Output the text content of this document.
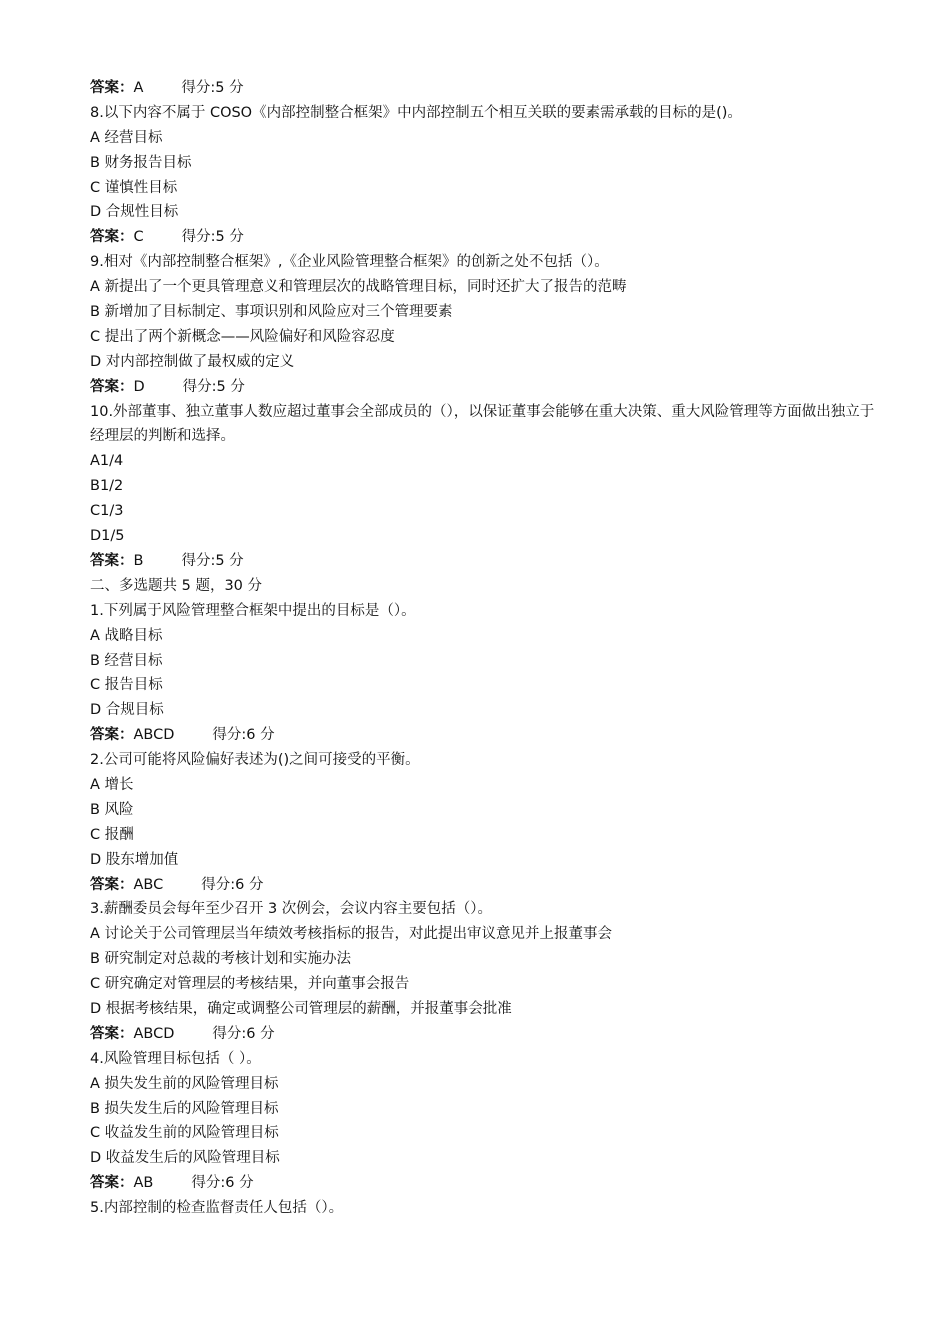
答案：A	得分:5 分
8.以下内容不属于 COSO《内部控制整合框架》中内部控制五个相互关联的要素需承载的目标的是()。
A 经营目标
B 财务报告目标
C 谨慎性目标
D 合规性目标
答案：C	得分:5 分
9.相对《内部控制整合框架》,《企业风险管理整合框架》的创新之处不包括（）。
A 新提出了一个更具管理意义和管理层次的战略管理目标，同时还扩大了报告的范畴
B 新增加了目标制定、事项识别和风险应对三个管理要素
C 提出了两个新概念——风险偏好和风险容忍度
D 对内部控制做了最权威的定义
答案：D	得分:5 分
10.外部董事、独立董事人数应超过董事会全部成员的（），以保证董事会能够在重大决策、重大风险管理等方面做出独立于经理层的判断和选择。
A1/4
B1/2
C1/3
D1/5
答案：B	得分:5 分
二、多选题共 5 题，30 分
1.下列属于风险管理整合框架中提出的目标是（）。
A 战略目标
B 经营目标
C 报告目标
D 合规目标
答案：ABCD	得分:6 分
2.公司可能将风险偏好表述为()之间可接受的平衡。
A 增长
B 风险
C 报酬
D 股东增加值
答案：ABC	得分:6 分
3.薪酬委员会每年至少召开 3 次例会，会议内容主要包括（）。
A 讨论关于公司管理层当年绩效考核指标的报告，对此提出审议意见并上报董事会
B 研究制定对总裁的考核计划和实施办法
C 研究确定对管理层的考核结果，并向董事会报告
D 根据考核结果，确定或调整公司管理层的薪酬，并报董事会批准
答案：ABCD	得分:6 分
4.风险管理目标包括（ ）。
A 损失发生前的风险管理目标
B 损失发生后的风险管理目标
C 收益发生前的风险管理目标
D 收益发生后的风险管理目标
答案：AB	得分:6 分
5.内部控制的检查监督责任人包括（）。
